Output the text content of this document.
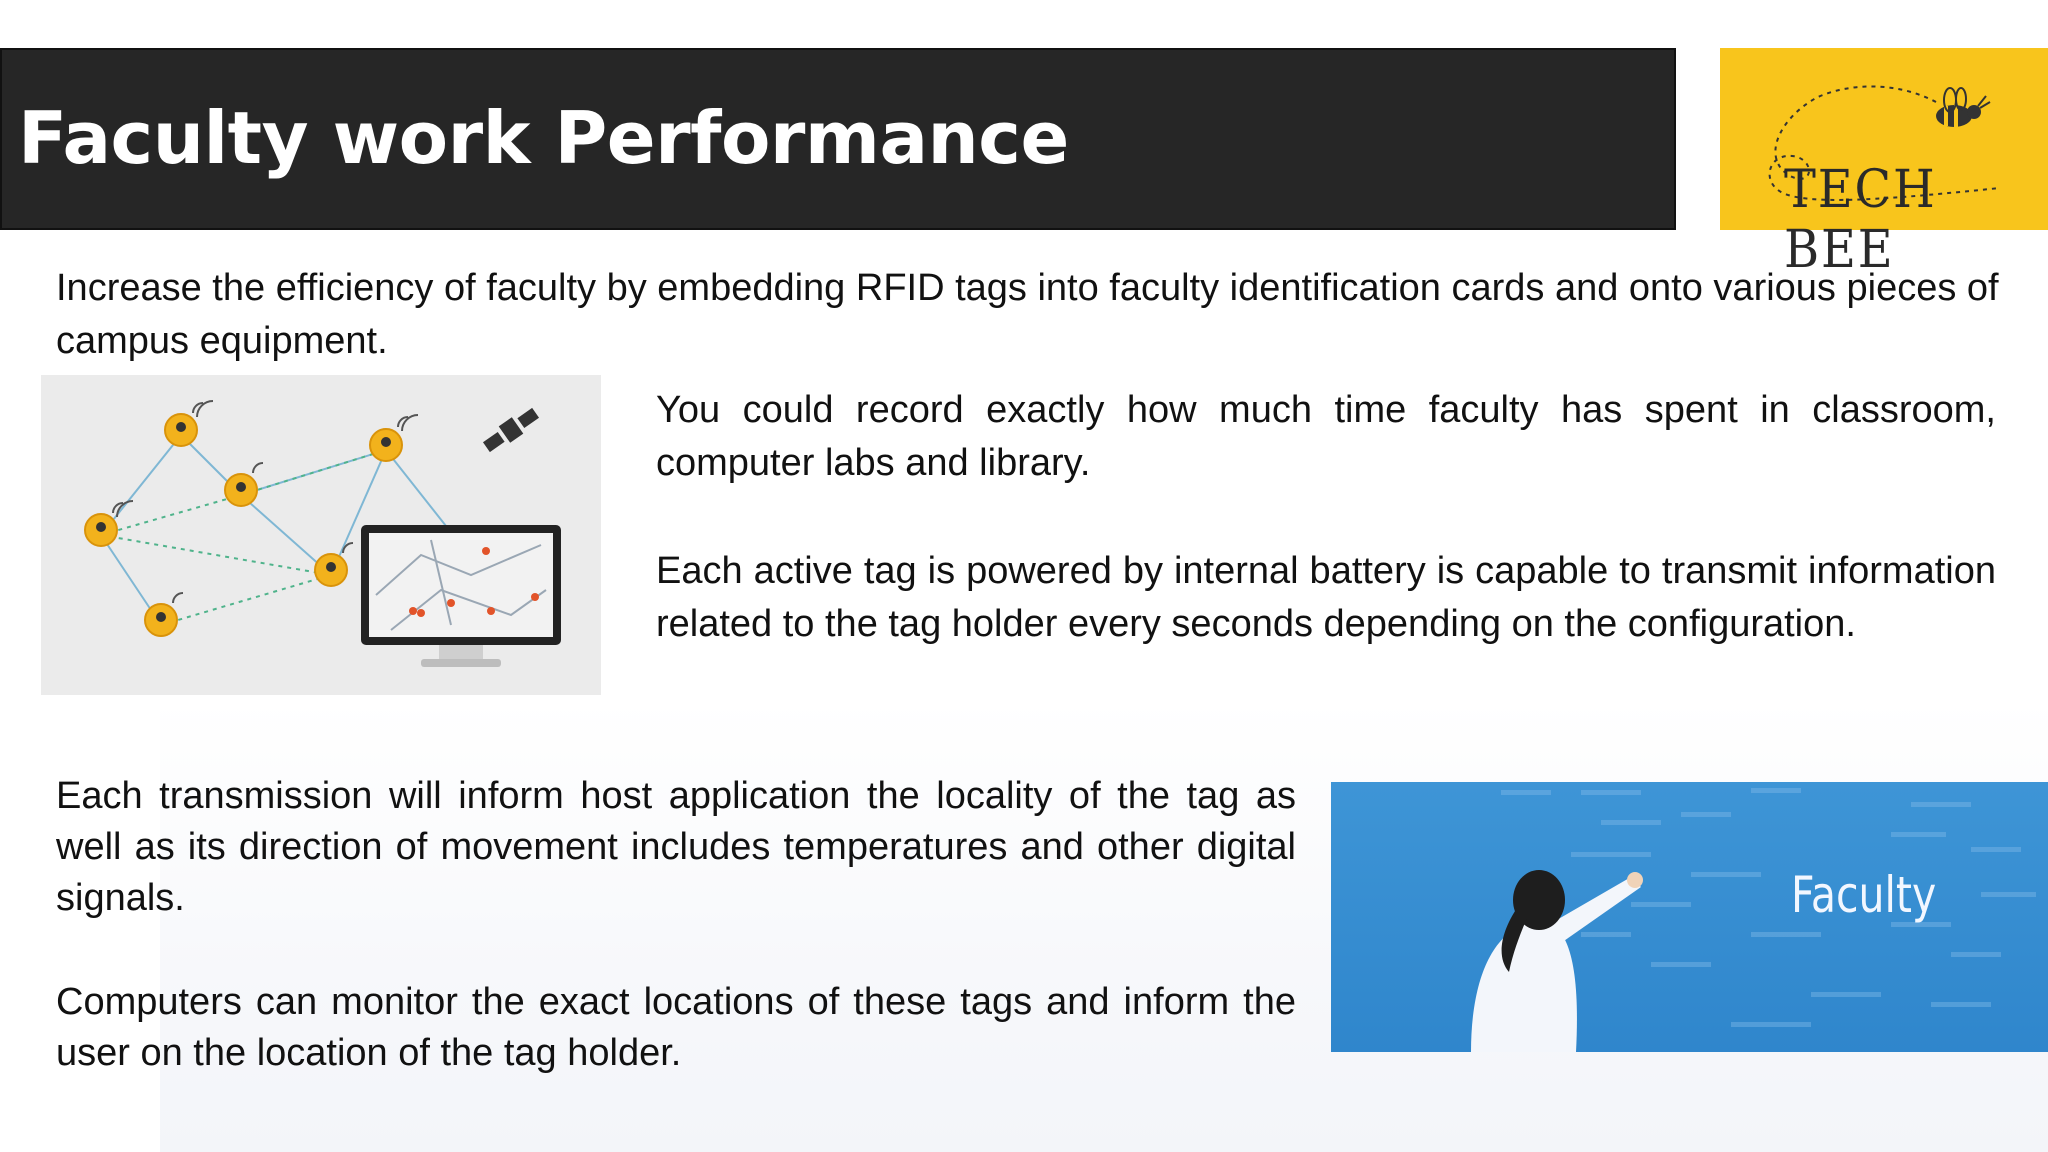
Faculty work Performance
TECH BEE
Increase the efficiency of faculty by embedding RFID tags into faculty identification cards and onto various pieces of campus equipment.
You could record exactly how much time faculty has spent in classroom, computer labs and library.
Each active tag is powered by internal battery is capable to transmit information related to the tag holder every seconds depending on the configuration.
Each transmission will inform host application the locality of the tag as well as its direction of movement includes temperatures and other digital signals.
Computers can monitor the exact locations of these tags and inform the user on the location of the tag holder.
Faculty
